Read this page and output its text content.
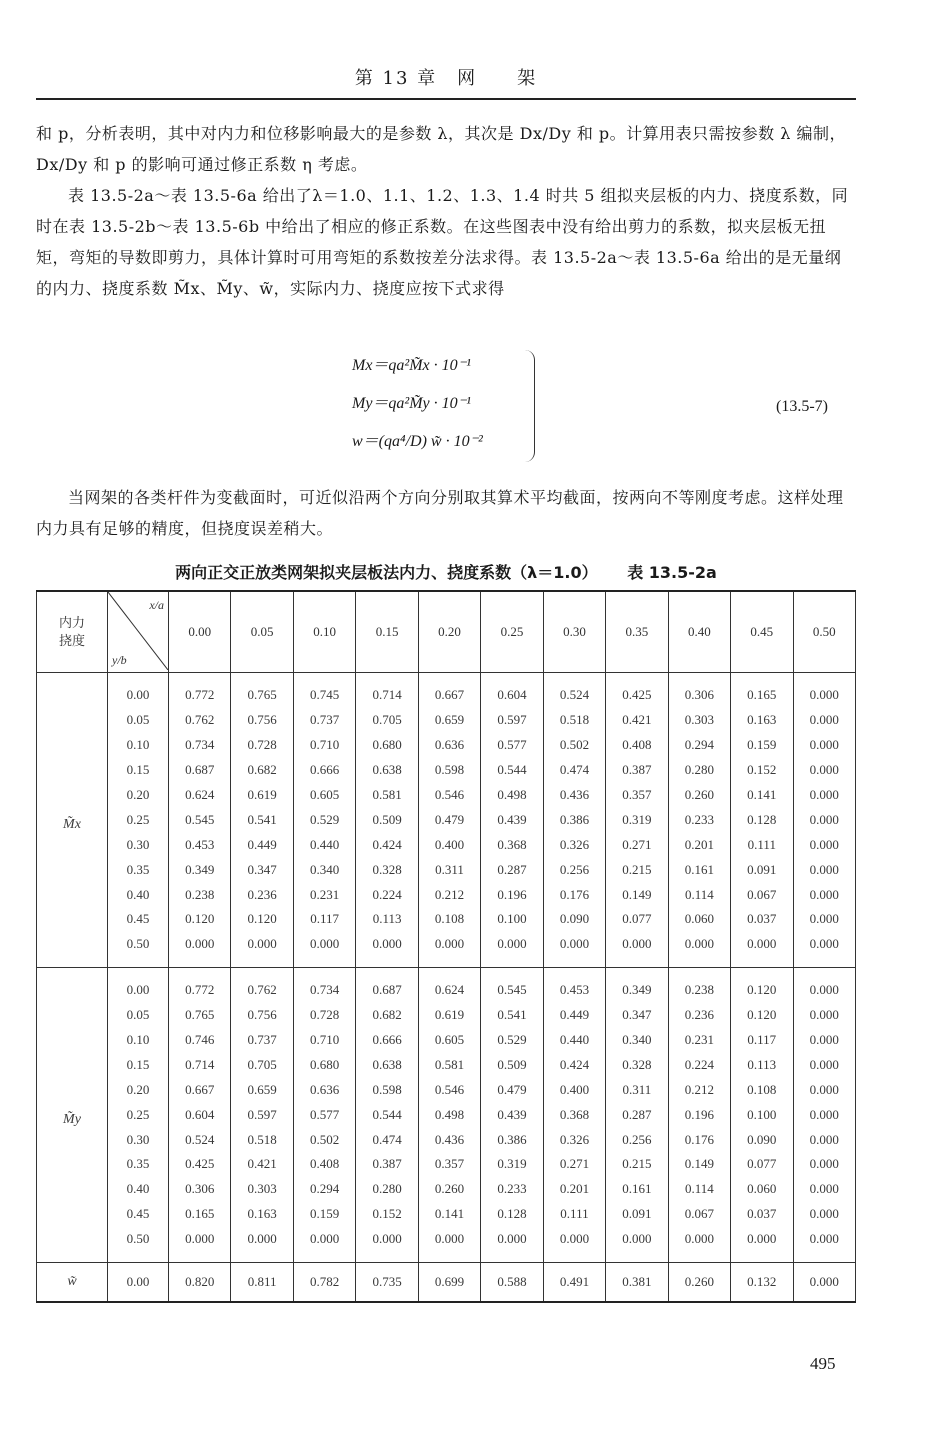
第 13 章　网　　架
和 p，分析表明，其中对内力和位移影响最大的是参数 λ，其次是 Dx/Dy 和 p。计算用表只需按参数 λ 编制，Dx/Dy 和 p 的影响可通过修正系数 η 考虑。
表 13.5-2a～表 13.5-6a 给出了λ＝1.0、1.1、1.2、1.3、1.4 时共 5 组拟夹层板的内力、挠度系数，同时在表 13.5-2b～表 13.5-6b 中给出了相应的修正系数。在这些图表中没有给出剪力的系数，拟夹层板无扭矩，弯矩的导数即剪力，具体计算时可用弯矩的系数按差分法求得。表 13.5-2a～表 13.5-6a 给出的是无量纲的内力、挠度系数 M̃x、M̃y、w̃，实际内力、挠度应按下式求得
Mx＝qa²M̃x · 10⁻¹
My＝qa²M̃y · 10⁻¹
w＝(qa⁴/D) w̃ · 10⁻²
(13.5-7)
当网架的各类杆件为变截面时，可近似沿两个方向分别取其算术平均截面，按两向不等刚度考虑。这样处理内力具有足够的精度，但挠度误差稍大。
两向正交正放类网架拟夹层板法内力、挠度系数（λ＝1.0） 表 13.5-2a
内力
挠度	x/a
y/b	0.00	0.05	0.10	0.15	0.20	0.25	0.30	0.35	0.40	0.45	0.50
M̃x	0.00	0.772	0.765	0.745	0.714	0.667	0.604	0.524	0.425	0.306	0.165	0.000
	0.05	0.762	0.756	0.737	0.705	0.659	0.597	0.518	0.421	0.303	0.163	0.000
	0.10	0.734	0.728	0.710	0.680	0.636	0.577	0.502	0.408	0.294	0.159	0.000
	0.15	0.687	0.682	0.666	0.638	0.598	0.544	0.474	0.387	0.280	0.152	0.000
	0.20	0.624	0.619	0.605	0.581	0.546	0.498	0.436	0.357	0.260	0.141	0.000
	0.25	0.545	0.541	0.529	0.509	0.479	0.439	0.386	0.319	0.233	0.128	0.000
	0.30	0.453	0.449	0.440	0.424	0.400	0.368	0.326	0.271	0.201	0.111	0.000
	0.35	0.349	0.347	0.340	0.328	0.311	0.287	0.256	0.215	0.161	0.091	0.000
	0.40	0.238	0.236	0.231	0.224	0.212	0.196	0.176	0.149	0.114	0.067	0.000
	0.45	0.120	0.120	0.117	0.113	0.108	0.100	0.090	0.077	0.060	0.037	0.000
	0.50	0.000	0.000	0.000	0.000	0.000	0.000	0.000	0.000	0.000	0.000	0.000
M̃y	0.00	0.772	0.762	0.734	0.687	0.624	0.545	0.453	0.349	0.238	0.120	0.000
	0.05	0.765	0.756	0.728	0.682	0.619	0.541	0.449	0.347	0.236	0.120	0.000
	0.10	0.746	0.737	0.710	0.666	0.605	0.529	0.440	0.340	0.231	0.117	0.000
	0.15	0.714	0.705	0.680	0.638	0.581	0.509	0.424	0.328	0.224	0.113	0.000
	0.20	0.667	0.659	0.636	0.598	0.546	0.479	0.400	0.311	0.212	0.108	0.000
	0.25	0.604	0.597	0.577	0.544	0.498	0.439	0.368	0.287	0.196	0.100	0.000
	0.30	0.524	0.518	0.502	0.474	0.436	0.386	0.326	0.256	0.176	0.090	0.000
	0.35	0.425	0.421	0.408	0.387	0.357	0.319	0.271	0.215	0.149	0.077	0.000
	0.40	0.306	0.303	0.294	0.280	0.260	0.233	0.201	0.161	0.114	0.060	0.000
	0.45	0.165	0.163	0.159	0.152	0.141	0.128	0.111	0.091	0.067	0.037	0.000
	0.50	0.000	0.000	0.000	0.000	0.000	0.000	0.000	0.000	0.000	0.000	0.000
w̃	0.00	0.820	0.811	0.782	0.735	0.699	0.588	0.491	0.381	0.260	0.132	0.000
495
